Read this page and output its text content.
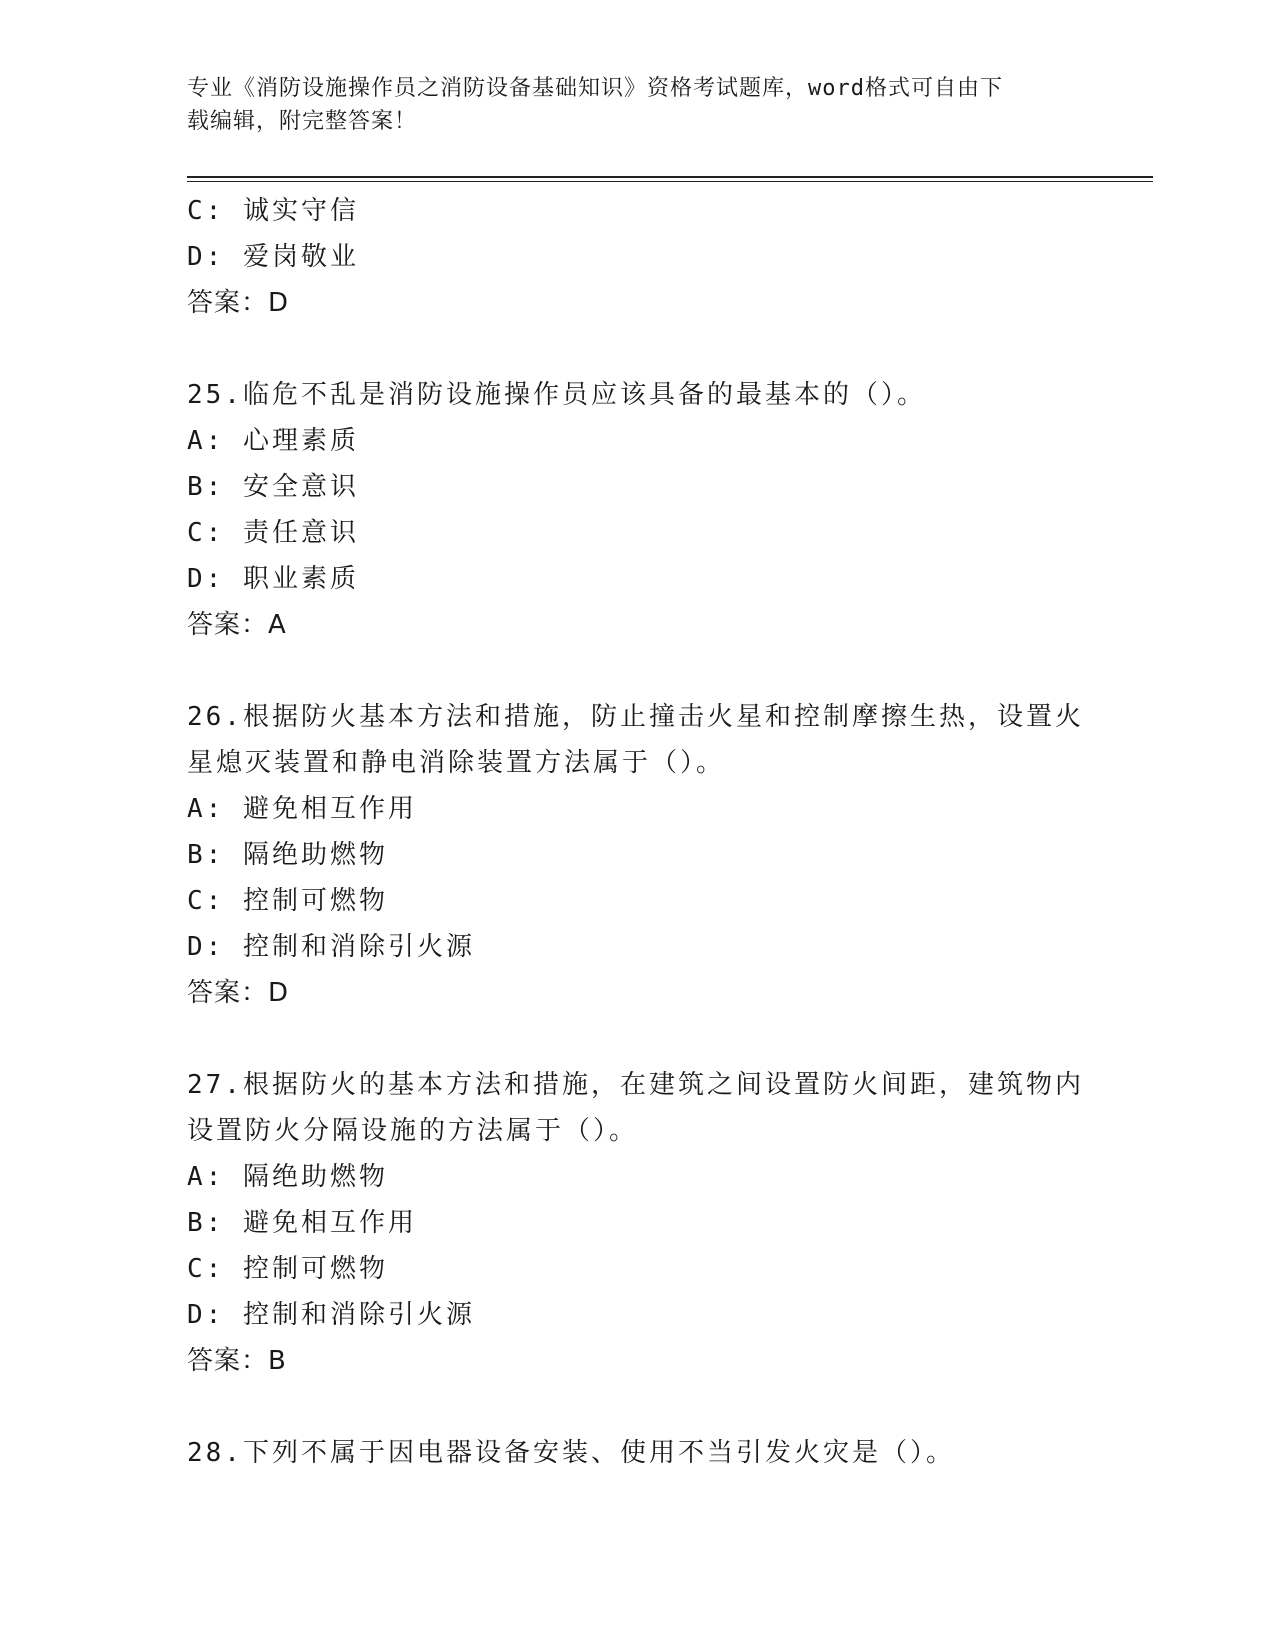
专业《消防设施操作员之消防设备基础知识》资格考试题库，word格式可自由下
载编辑，附完整答案！
C: 诚实守信
D: 爱岗敬业
答案：D
25.临危不乱是消防设施操作员应该具备的最基本的（）。
A: 心理素质
B: 安全意识
C: 责任意识
D: 职业素质
答案：A
26.根据防火基本方法和措施，防止撞击火星和控制摩擦生热，设置火
星熄灭装置和静电消除装置方法属于（）。
A: 避免相互作用
B: 隔绝助燃物
C: 控制可燃物
D: 控制和消除引火源
答案：D
27.根据防火的基本方法和措施，在建筑之间设置防火间距，建筑物内
设置防火分隔设施的方法属于（）。
A: 隔绝助燃物
B: 避免相互作用
C: 控制可燃物
D: 控制和消除引火源
答案：B
28.下列不属于因电器设备安装、使用不当引发火灾是（）。
